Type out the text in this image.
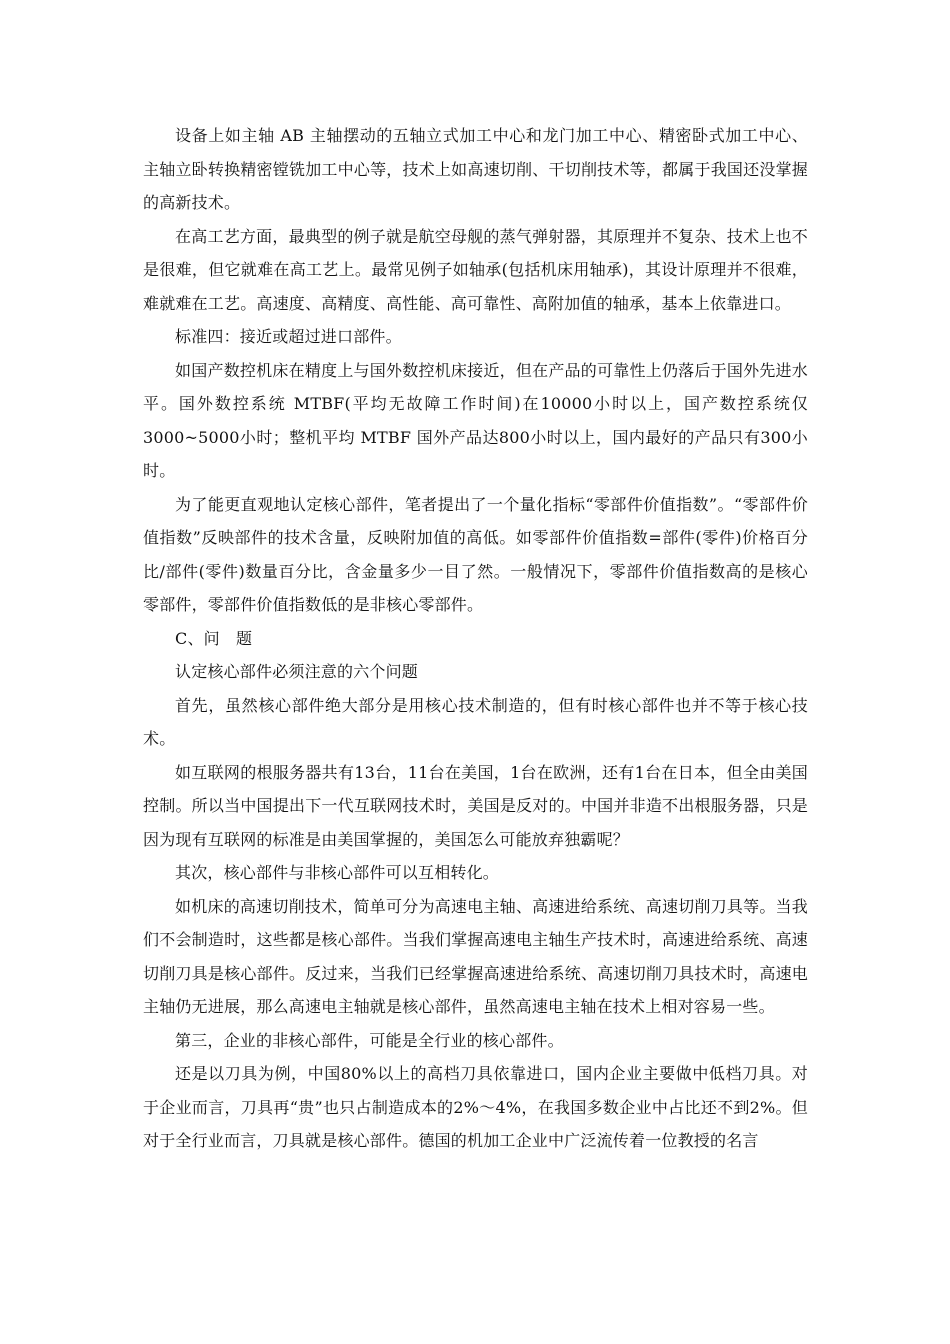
设备上如主轴 AB 主轴摆动的五轴立式加工中心和龙门加工中心、精密卧式加工中心、主轴立卧转换精密镗铣加工中心等，技术上如高速切削、干切削技术等，都属于我国还没掌握的高新技术。

在高工艺方面，最典型的例子就是航空母舰的蒸气弹射器，其原理并不复杂、技术上也不是很难，但它就难在高工艺上。最常见例子如轴承(包括机床用轴承)，其设计原理并不很难，难就难在工艺。高速度、高精度、高性能、高可靠性、高附加值的轴承，基本上依靠进口。

标准四：接近或超过进口部件。

如国产数控机床在精度上与国外数控机床接近，但在产品的可靠性上仍落后于国外先进水平。国外数控系统 MTBF(平均无故障工作时间)在10000小时以上，国产数控系统仅3000~5000小时；整机平均 MTBF 国外产品达800小时以上，国内最好的产品只有300小时。

为了能更直观地认定核心部件，笔者提出了一个量化指标“零部件价值指数”。“零部件价值指数”反映部件的技术含量，反映附加值的高低。如零部件价值指数=部件(零件)价格百分比/部件(零件)数量百分比，含金量多少一目了然。一般情况下，零部件价值指数高的是核心零部件，零部件价值指数低的是非核心零部件。

C、问　题

认定核心部件必须注意的六个问题

首先，虽然核心部件绝大部分是用核心技术制造的，但有时核心部件也并不等于核心技术。

如互联网的根服务器共有13台，11台在美国，1台在欧洲，还有1台在日本，但全由美国控制。所以当中国提出下一代互联网技术时，美国是反对的。中国并非造不出根服务器，只是因为现有互联网的标准是由美国掌握的，美国怎么可能放弃独霸呢？

其次，核心部件与非核心部件可以互相转化。

如机床的高速切削技术，简单可分为高速电主轴、高速进给系统、高速切削刀具等。当我们不会制造时，这些都是核心部件。当我们掌握高速电主轴生产技术时，高速进给系统、高速切削刀具是核心部件。反过来，当我们已经掌握高速进给系统、高速切削刀具技术时，高速电主轴仍无进展，那么高速电主轴就是核心部件，虽然高速电主轴在技术上相对容易一些。

第三，企业的非核心部件，可能是全行业的核心部件。

还是以刀具为例，中国80%以上的高档刀具依靠进口，国内企业主要做中低档刀具。对于企业而言，刀具再“贵”也只占制造成本的2%～4%，在我国多数企业中占比还不到2%。但对于全行业而言，刀具就是核心部件。德国的机加工企业中广泛流传着一位教授的名言
